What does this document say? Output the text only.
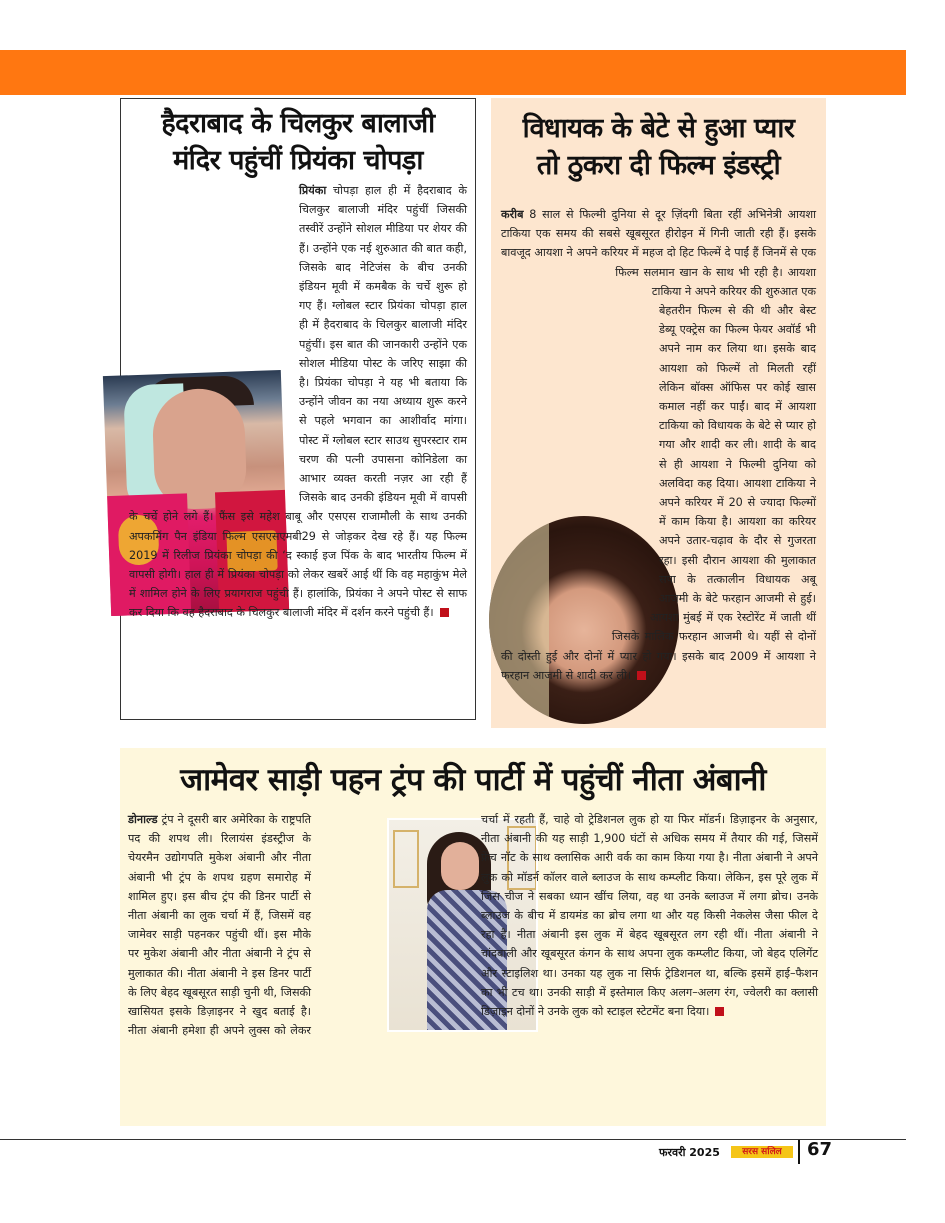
हैदराबाद के चिलकुर बालाजी
मंदिर पहुंचीं प्रियंका चोपड़ा
प्रियंका चोपड़ा हाल ही में हैदराबाद के चिलकुर बालाजी मंदिर पहुंचीं जिसकी तस्वीरें उन्होंने सोशल मीडिया पर शेयर की हैं। उन्होंने एक नई शुरुआत की बात कही, जिसके बाद नेटिजंस के बीच उनकी इंडियन मूवी में कमबैक के चर्चे शुरू हो गए हैं। ग्लोबल स्टार प्रियंका चोपड़ा हाल ही में हैदराबाद के चिलकुर बालाजी मंदिर पहुंचीं। इस बात की जानकारी उन्होंने एक सोशल मीडिया पोस्ट के जरिए साझा की है। प्रियंका चोपड़ा ने यह भी बताया कि उन्होंने जीवन का नया अध्याय शुरू करने से पहले भगवान का आशीर्वाद मांगा। पोस्ट में ग्लोबल स्टार साउथ सुपरस्टार राम चरण की पत्नी उपासना कोनिडेला का आभार व्यक्त करती नज़र आ रही हैं जिसके बाद उनकी इंडियन मूवी में वापसी के चर्चे होने लगे हैं। फैंस इसे महेश बाबू और एसएस राजामौली के साथ उनकी अपकमिंग पैन इंडिया फिल्म एसएसएमबी29 से जोड़कर देख रहे हैं। यह फिल्म 2019 में रिलीज प्रियंका चोपड़ा की ‘द स्काई इज पिंक के बाद भारतीय फिल्म में वापसी होगी। हाल ही में प्रियंका चोपड़ा को लेकर खबरें आई थीं कि वह महाकुंभ मेले में शामिल होने के लिए प्रयागराज पहुंची हैं। हालांकि, प्रियंका ने अपने पोस्ट से साफ कर दिया कि वह हैदराबाद के चिलकुर बालाजी मंदिर में दर्शन करने पहुंची हैं।
विधायक के बेटे से हुआ प्यार
तो ठुकरा दी फिल्म इंडस्ट्री
करीब 8 साल से फिल्मी दुनिया से दूर ज़िंदगी बिता रहीं अभिनेत्री आयशा टाकिया एक समय की सबसे खूबसूरत हीरोइन में गिनी जाती रही हैं। इसके बावजूद आयशा ने अपने करियर में महज दो हिट फिल्में दे पाईं हैं जिनमें से एक फिल्म सलमान खान के साथ भी रही है। आयशा टाकिया ने अपने करियर की शुरुआत एक बेहतरीन फिल्म से की थी और बेस्ट डेब्यू एक्ट्रेस का फिल्म फेयर अवॉर्ड भी अपने नाम कर लिया था। इसके बाद आयशा को फिल्में तो मिलती रहीं लेकिन बॉक्स ऑफिस पर कोई खास कमाल नहीं कर पाईं। बाद में आयशा टाकिया को विधायक के बेटे से प्यार हो गया और शादी कर ली। शादी के बाद से ही आयशा ने फिल्मी दुनिया को अलविदा कह दिया। आयशा टाकिया ने अपने करियर में 20 से ज्यादा फिल्मों में काम किया है। आयशा का करियर अपने उतार-चढ़ाव के दौर से गुजरता रहा। इसी दौरान आयशा की मुलाकात सपा के तत्कालीन विधायक अबू आजमी के बेटे फरहान आजमी से हुई। आयशा मुंबई में एक रेस्टोरेंट में जाती थीं जिसके मालिक फरहान आजमी थे। यहीं से दोनों की दोस्ती हुई और दोनों में प्यार हो गया। इसके बाद 2009 में आयशा ने फरहान आजमी से शादी कर ली।
जामेवर साड़ी पहन ट्रंप की पार्टी में पहुंचीं नीता अंबानी
डोनाल्ड ट्रंप ने दूसरी बार अमेरिका के राष्ट्रपति पद की शपथ ली। रिलायंस इंडस्ट्रीज के चेयरमैन उद्योगपति मुकेश अंबानी और नीता अंबानी भी ट्रंप के शपथ ग्रहण समारोह में शामिल हुए। इस बीच ट्रंप की डिनर पार्टी से नीता अंबानी का लुक चर्चा में हैं, जिसमें वह जामेवर साड़ी पहनकर पहुंची थीं। इस मौके पर मुकेश अंबानी और नीता अंबानी ने ट्रंप से मुलाकात की। नीता अंबानी ने इस डिनर पार्टी के लिए बेहद खूबसूरत साड़ी चुनी थी, जिसकी खासियत इसके डिज़ाइनर ने खुद बताई है। नीता अंबानी हमेशा ही अपने लुक्स को लेकर चर्चा में रहती हैं, चाहे वो ट्रेडिशनल लुक हो या फिर मॉडर्न। डिज़ाइनर के अनुसार, नीता अंबानी की यह साड़ी 1,900 घंटों से अधिक समय में तैयार की गई, जिसमें फ्रेंच नॉट के साथ क्लासिक आरी वर्क का काम किया गया है। नीता अंबानी ने अपने लुक को मॉडर्न कॉलर वाले ब्लाउज के साथ कम्प्लीट किया। लेकिन, इस पूरे लुक में जिस चीज ने सबका ध्यान खींच लिया, वह था उनके ब्लाउज में लगा ब्रोच। उनके ब्लाउज के बीच में डायमंड का ब्रोच लगा था और यह किसी नेकलेस जैसा फील दे रहा है। नीता अंबानी इस लुक में बेहद खूबसूरत लग रही थीं। नीता अंबानी ने चांदबाली और खूबसूरत कंगन के साथ अपना लुक कम्प्लीट किया, जो बेहद एलिगेंट और स्टाइलिश था। उनका यह लुक ना सिर्फ ट्रेडिशनल था, बल्कि इसमें हाई–फैशन का भी टच था। उनकी साड़ी में इस्तेमाल किए अलग–अलग रंग, ज्वेलरी का क्लासी डिज़ाइन दोनों ने उनके लुक को स्टाइल स्टेटमेंट बना दिया।
फरवरी 2025	सरस सलिल	67
